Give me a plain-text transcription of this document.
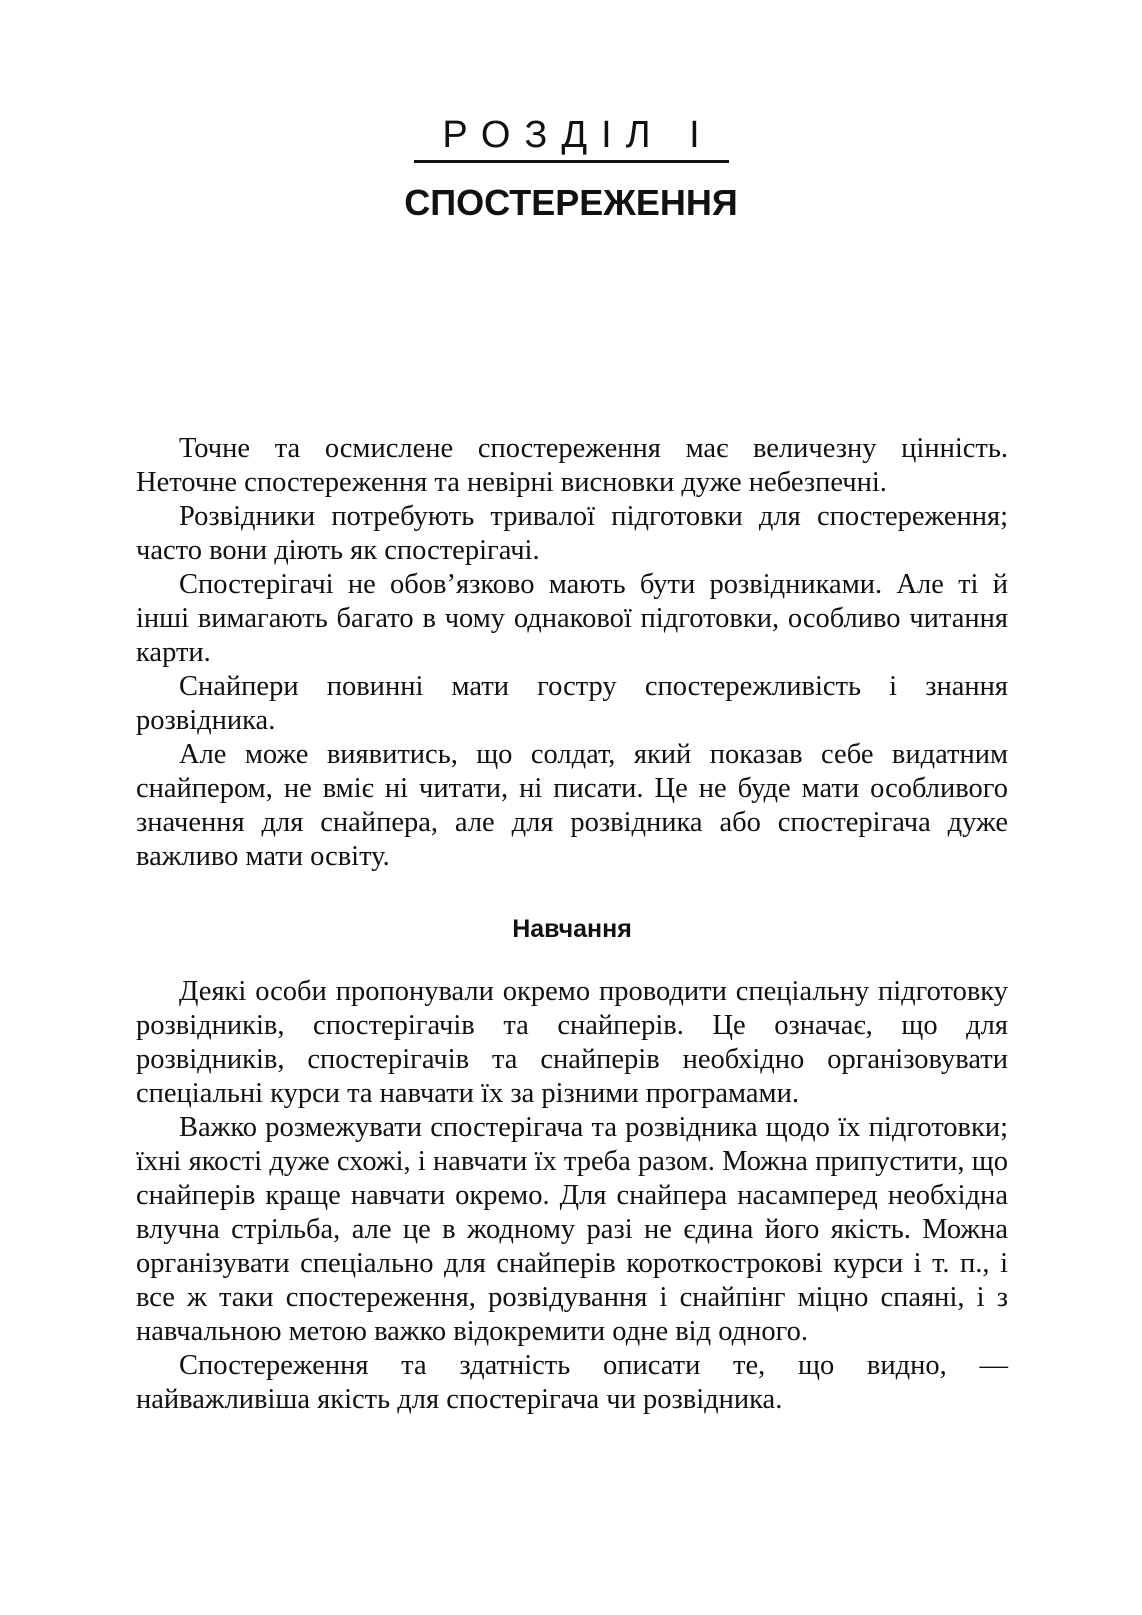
РОЗДІЛ І
СПОСТЕРЕЖЕННЯ

Точне та осмислене спостереження має величезну цінність. Неточне спостереження та невірні висновки дуже небезпечні.

Розвідники потребують тривалої підготовки для спостереження; часто вони діють як спостерігачі.

Спостерігачі не обов’язково мають бути розвідниками. Але ті й інші вимагають багато в чому однакової підготовки, особливо читання карти.

Снайпери повинні мати гостру спостережливість і знання розвідника.

Але може виявитись, що солдат, який показав себе видатним снайпером, не вміє ні читати, ні писати. Це не буде мати особливого значення для снайпера, але для розвідника або спостерігача дуже важливо мати освіту.

Навчання

Деякі особи пропонували окремо проводити спеціальну підготовку розвідників, спостерігачів та снайперів. Це означає, що для розвідників, спостерігачів та снайперів необхідно організовувати спеціальні курси та навчати їх за різними програмами.

Важко розмежувати спостерігача та розвідника щодо їх підготовки; їхні якості дуже схожі, і навчати їх треба разом. Можна припустити, що снайперів краще навчати окремо. Для снайпера насамперед необхідна влучна стрільба, але це в жодному разі не єдина його якість. Можна організувати спеціально для снайперів короткострокові курси і т. п., і все ж таки спостереження, розвідування і снайпінг міцно спаяні, і з навчальною метою важко відокремити одне від одного.

Спостереження та здатність описати те, що видно, — найважливіша якість для спостерігача чи розвідника.
